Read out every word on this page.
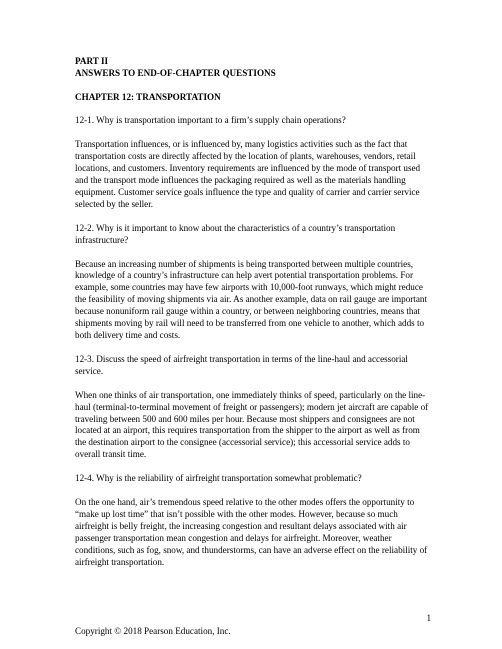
PART II
ANSWERS TO END-OF-CHAPTER QUESTIONS
CHAPTER 12: TRANSPORTATION

12-1. Why is transportation important to a firm’s supply chain operations?

Transportation influences, or is influenced by, many logistics activities such as the fact that transportation costs are directly affected by the location of plants, warehouses, vendors, retail locations, and customers. Inventory requirements are influenced by the mode of transport used and the transport mode influences the packaging required as well as the materials handling equipment. Customer service goals influence the type and quality of carrier and carrier service selected by the seller.

12-2. Why is it important to know about the characteristics of a country’s transportation infrastructure?

Because an increasing number of shipments is being transported between multiple countries, knowledge of a country’s infrastructure can help avert potential transportation problems. For example, some countries may have few airports with 10,000-foot runways, which might reduce the feasibility of moving shipments via air. As another example, data on rail gauge are important because nonuniform rail gauge within a country, or between neighboring countries, means that shipments moving by rail will need to be transferred from one vehicle to another, which adds to both delivery time and costs.

12-3. Discuss the speed of airfreight transportation in terms of the line-haul and accessorial service.

When one thinks of air transportation, one immediately thinks of speed, particularly on the line-haul (terminal-to-terminal movement of freight or passengers); modern jet aircraft are capable of traveling between 500 and 600 miles per hour. Because most shippers and consignees are not located at an airport, this requires transportation from the shipper to the airport as well as from the destination airport to the consignee (accessorial service); this accessorial service adds to overall transit time.

12-4. Why is the reliability of airfreight transportation somewhat problematic?

On the one hand, air’s tremendous speed relative to the other modes offers the opportunity to “make up lost time” that isn’t possible with the other modes. However, because so much airfreight is belly freight, the increasing congestion and resultant delays associated with air passenger transportation mean congestion and delays for airfreight. Moreover, weather conditions, such as fog, snow, and thunderstorms, can have an adverse effect on the reliability of airfreight transportation.

1
Copyright © 2018 Pearson Education, Inc.
